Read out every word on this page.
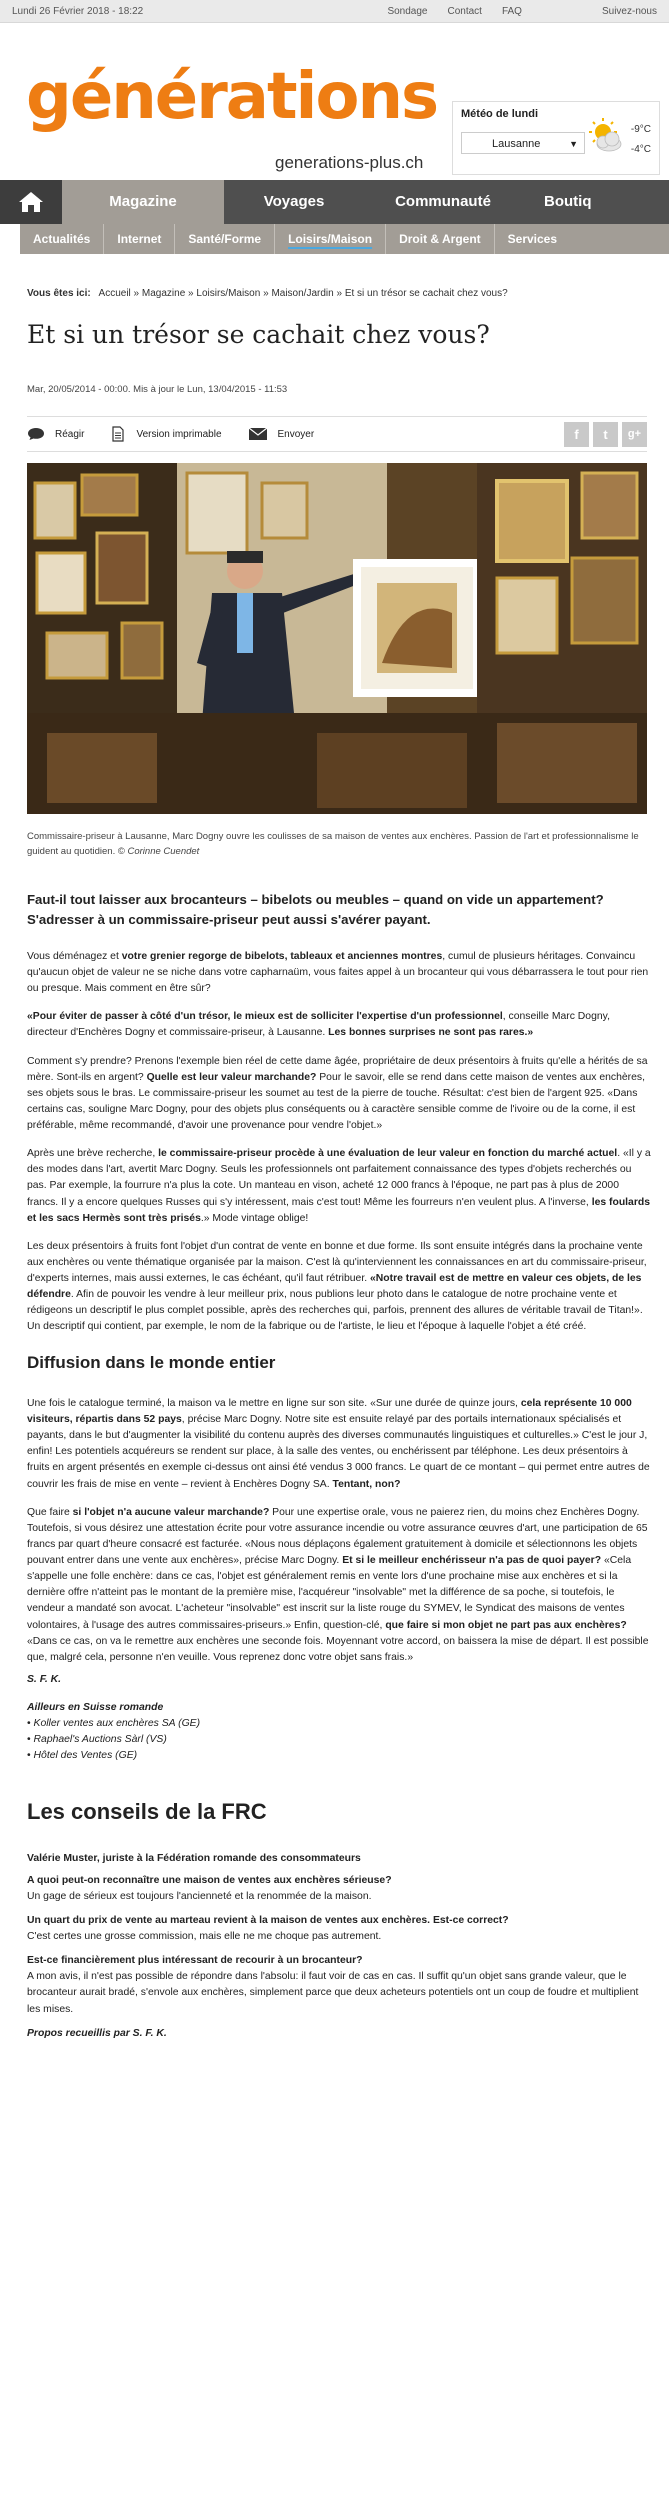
Lundi 26 Février 2018 - 18:22	Sondage Contact FAQ	Suivez-nous
générations
generations-plus.ch
Météo de lundi
Lausanne	▼
-9°C
-4°C
Magazine	Voyages	Communauté	Boutiq
Actualités	Internet	Santé/Forme	Loisirs/Maison	Droit & Argent	Services
Vous êtes ici: Accueil » Magazine » Loisirs/Maison » Maison/Jardin » Et si un trésor se cachait chez vous?
Et si un trésor se cachait chez vous?
Mar, 20/05/2014 - 00:00. Mis à jour le Lun, 13/04/2015 - 11:53
Réagir	Version imprimable	Envoyer	f	t	g+
Commissaire-priseur à Lausanne, Marc Dogny ouvre les coulisses de sa maison de ventes aux enchères. Passion de l'art et professionnalisme le guident au quotidien. © Corinne Cuendet

Faut-il tout laisser aux brocanteurs – bibelots ou meubles – quand on vide un appartement? S'adresser à un commissaire-priseur peut aussi s'avérer payant.

Vous déménagez et votre grenier regorge de bibelots, tableaux et anciennes montres, cumul de plusieurs héritages. Convaincu qu'aucun objet de valeur ne se niche dans votre capharnaüm, vous faites appel à un brocanteur qui vous débarrassera le tout pour rien ou presque. Mais comment en être sûr?

«Pour éviter de passer à côté d'un trésor, le mieux est de solliciter l'expertise d'un professionnel, conseille Marc Dogny, directeur d'Enchères Dogny et commissaire-priseur, à Lausanne. Les bonnes surprises ne sont pas rares.»

Comment s'y prendre? Prenons l'exemple bien réel de cette dame âgée, propriétaire de deux présentoirs à fruits qu'elle a hérités de sa mère. Sont-ils en argent? Quelle est leur valeur marchande? Pour le savoir, elle se rend dans cette maison de ventes aux enchères, ses objets sous le bras. Le commissaire-priseur les soumet au test de la pierre de touche. Résultat: c'est bien de l'argent 925. «Dans certains cas, souligne Marc Dogny, pour des objets plus conséquents ou à caractère sensible comme de l'ivoire ou de la corne, il est préférable, même recommandé, d'avoir une provenance pour vendre l'objet.»

Après une brève recherche, le commissaire-priseur procède à une évaluation de leur valeur en fonction du marché actuel. «Il y a des modes dans l'art, avertit Marc Dogny. Seuls les professionnels ont parfaitement connaissance des types d'objets recherchés ou pas. Par exemple, la fourrure n'a plus la cote. Un manteau en vison, acheté 12 000 francs à l'époque, ne part pas à plus de 2000 francs. Il y a encore quelques Russes qui s'y intéressent, mais c'est tout! Même les fourreurs n'en veulent plus. A l'inverse, les foulards et les sacs Hermès sont très prisés.» Mode vintage oblige!

Les deux présentoirs à fruits font l'objet d'un contrat de vente en bonne et due forme. Ils sont ensuite intégrés dans la prochaine vente aux enchères ou vente thématique organisée par la maison. C'est là qu'interviennent les connaissances en art du commissaire-priseur, d'experts internes, mais aussi externes, le cas échéant, qu'il faut rétribuer. «Notre travail est de mettre en valeur ces objets, de les défendre. Afin de pouvoir les vendre à leur meilleur prix, nous publions leur photo dans le catalogue de notre prochaine vente et rédigeons un descriptif le plus complet possible, après des recherches qui, parfois, prennent des allures de véritable travail de Titan!». Un descriptif qui contient, par exemple, le nom de la fabrique ou de l'artiste, le lieu et l'époque à laquelle l'objet a été créé.

Diffusion dans le monde entier

Une fois le catalogue terminé, la maison va le mettre en ligne sur son site. «Sur une durée de quinze jours, cela représente 10 000 visiteurs, répartis dans 52 pays, précise Marc Dogny. Notre site est ensuite relayé par des portails internationaux spécialisés et payants, dans le but d'augmenter la visibilité du contenu auprès des diverses communautés linguistiques et culturelles.» C'est le jour J, enfin! Les potentiels acquéreurs se rendent sur place, à la salle des ventes, ou enchérissent par téléphone. Les deux présentoirs à fruits en argent présentés en exemple ci-dessus ont ainsi été vendus 3 000 francs. Le quart de ce montant – qui permet entre autres de couvrir les frais de mise en vente – revient à Enchères Dogny SA. Tentant, non?

Que faire si l'objet n'a aucune valeur marchande? Pour une expertise orale, vous ne paierez rien, du moins chez Enchères Dogny. Toutefois, si vous désirez une attestation écrite pour votre assurance incendie ou votre assurance œuvres d'art, une participation de 65 francs par quart d'heure consacré est facturée. «Nous nous déplaçons également gratuitement à domicile et sélectionnons les objets pouvant entrer dans une vente aux enchères», précise Marc Dogny. Et si le meilleur enchérisseur n'a pas de quoi payer? «Cela s'appelle une folle enchère: dans ce cas, l'objet est généralement remis en vente lors d'une prochaine mise aux enchères et si la dernière offre n'atteint pas le montant de la première mise, l'acquéreur "insolvable" met la différence de sa poche, si toutefois, le vendeur a mandaté son avocat. L'acheteur "insolvable" est inscrit sur la liste rouge du SYMEV, le Syndicat des maisons de ventes volontaires, à l'usage des autres commissaires-priseurs.» Enfin, question-clé, que faire si mon objet ne part pas aux enchères? «Dans ce cas, on va le remettre aux enchères une seconde fois. Moyennant votre accord, on baissera la mise de départ. Il est possible que, malgré cela, personne n'en veuille. Vous reprenez donc votre objet sans frais.»

S. F. K.

Ailleurs en Suisse romande

• Koller ventes aux enchères SA (GE)
• Raphael's Auctions Sàrl (VS)
• Hôtel des Ventes (GE)
Les conseils de la FRC

Valérie Muster, juriste à la Fédération romande des consommateurs

A quoi peut-on reconnaître une maison de ventes aux enchères sérieuse?

Un gage de sérieux est toujours l'ancienneté et la renommée de la maison.

Un quart du prix de vente au marteau revient à la maison de ventes aux enchères. Est-ce correct?

C'est certes une grosse commission, mais elle ne me choque pas autrement.

Est-ce financièrement plus intéressant de recourir à un brocanteur?

A mon avis, il n'est pas possible de répondre dans l'absolu: il faut voir de cas en cas. Il suffit qu'un objet sans grande valeur, que le brocanteur aurait bradé, s'envole aux enchères, simplement parce que deux acheteurs potentiels ont un coup de foudre et multiplient les mises.

Propos recueillis par S. F. K.
